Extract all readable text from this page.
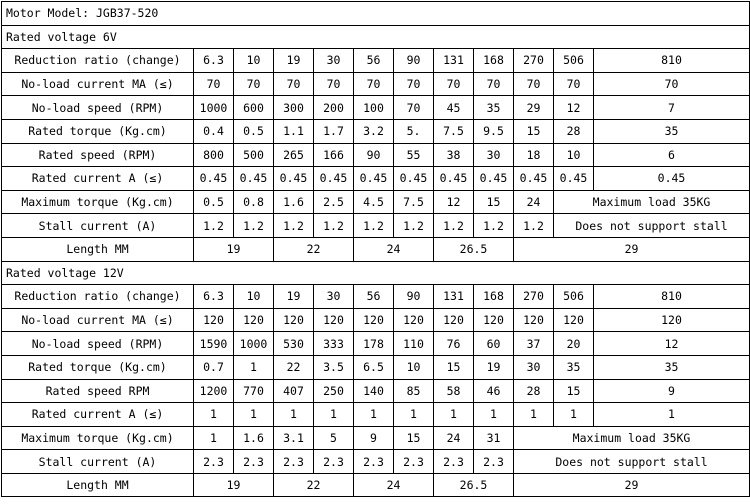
Motor Model: JGB37-520											
Rated voltage 6V											
Reduction ratio (change)	6.3	10	19	30	56	90	131	168	270	506	810
No-load current MA (≤)	70	70	70	70	70	70	70	70	70	70	70
No-load speed (RPM)	1000	600	300	200	100	70	45	35	29	12	7
Rated torque (Kg.cm)	0.4	0.5	1.1	1.7	3.2	5.	7.5	9.5	15	28	35
Rated speed (RPM)	800	500	265	166	90	55	38	30	18	10	6
Rated current A (≤)	0.45	0.45	0.45	0.45	0.45	0.45	0.45	0.45	0.45	0.45	0.45
Maximum torque (Kg.cm)	0.5	0.8	1.6	2.5	4.5	7.5	12	15	24	Maximum load 35KG	
Stall current (A)	1.2	1.2	1.2	1.2	1.2	1.2	1.2	1.2	1.2	Does not support stall	
Length MM	19		22		24		26.5		29		
Rated voltage 12V											
Reduction ratio (change)	6.3	10	19	30	56	90	131	168	270	506	810
No-load current MA (≤)	120	120	120	120	120	120	120	120	120	120	120
No-load speed (RPM)	1590	1000	530	333	178	110	76	60	37	20	12
Rated torque (Kg.cm)	0.7	1	22	3.5	6.5	10	15	19	30	35	35
Rated speed RPM	1200	770	407	250	140	85	58	46	28	15	9
Rated current A (≤)	1	1	1	1	1	1	1	1	1	1	1
Maximum torque (Kg.cm)	1	1.6	3.1	5	9	15	24	31	Maximum load 35KG		
Stall current (A)	2.3	2.3	2.3	2.3	2.3	2.3	2.3	2.3	Does not support stall		
Length MM	19		22		24		26.5		29		
